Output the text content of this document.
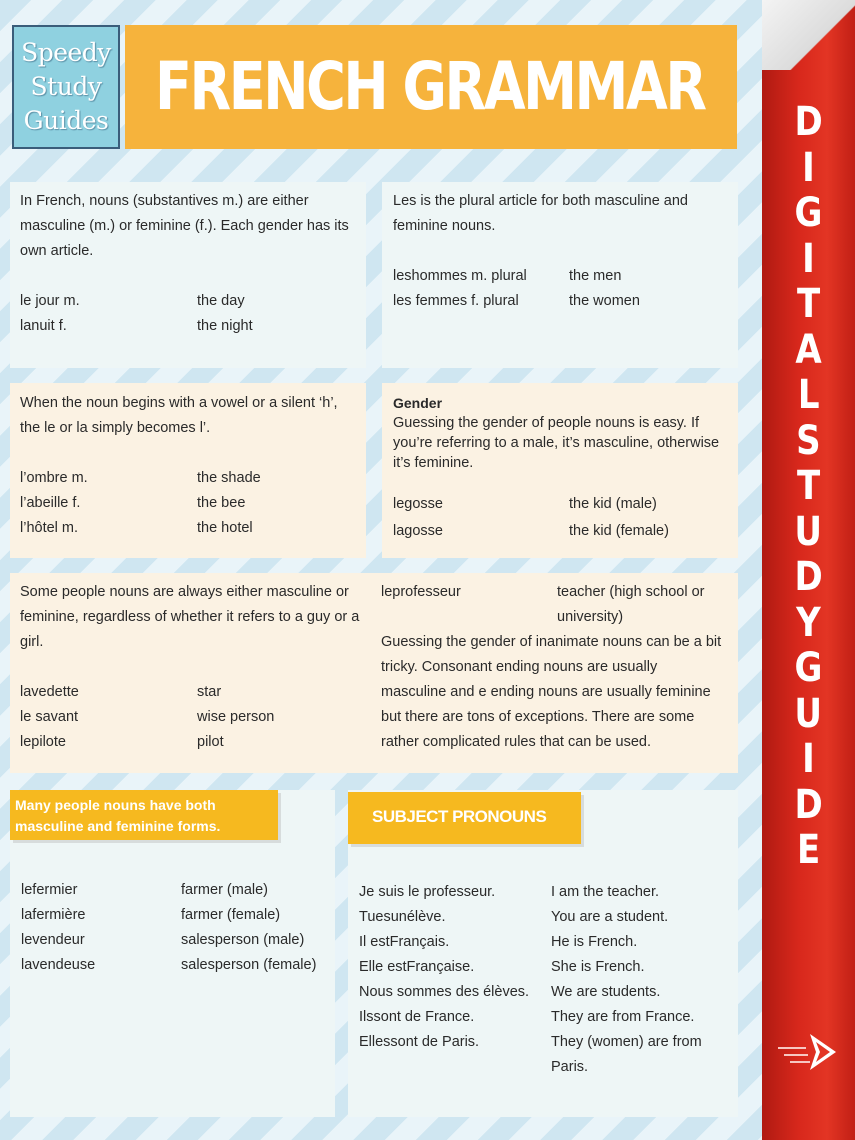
Speedy
Study
Guides FRENCH GRAMMAR

In French, nouns (substantives m.) are either masculine (m.) or feminine (f.). Each gender has its own article.

le jour m.	the day
lanuit f.	the night

Les is the plural article for both masculine and feminine nouns.

leshommes m. plural	the men
les femmes f. plural	the women

When the noun begins with a vowel or a silent ‘h’, the le or la simply becomes l’.

l’ombre m.	the shade
l’abeille f.	the bee
l’hôtel m.	the hotel

Gender

Guessing the gender of people nouns is easy. If you’re referring to a male, it’s masculine, otherwise it’s feminine.

legosse	the kid (male)
lagosse	the kid (female)

Some people nouns are always either masculine or feminine, regardless of whether it refers to a guy or a girl.

lavedette	star
le savant	wise person
lepilote	pilot
leprofesseur	teacher (high school or university)

Guessing the gender of inanimate nouns can be a bit tricky. Consonant ending nouns are usually masculine and e ending nouns are usually feminine but there are tons of exceptions. There are some rather complicated rules that can be used.

Many people nouns have both masculine and feminine forms.
lefermier	farmer (male)
lafermière	farmer (female)
levendeur	salesperson (male)
lavendeuse	salesperson (female)
SUBJECT PRONOUNS
Je suis le professeur.	I am the teacher.
Tuesunélève.	You are a student.
Il estFrançais.	He is French.
Elle estFrançaise.	She is French.
Nous sommes des élèves.	We are students.
Ilssont de France.	They are from France.
Ellessont de Paris.	They (women) are from Paris.
D
I
G
I
T
A
L
S
T
U
D
Y
G
U
I
D
E
